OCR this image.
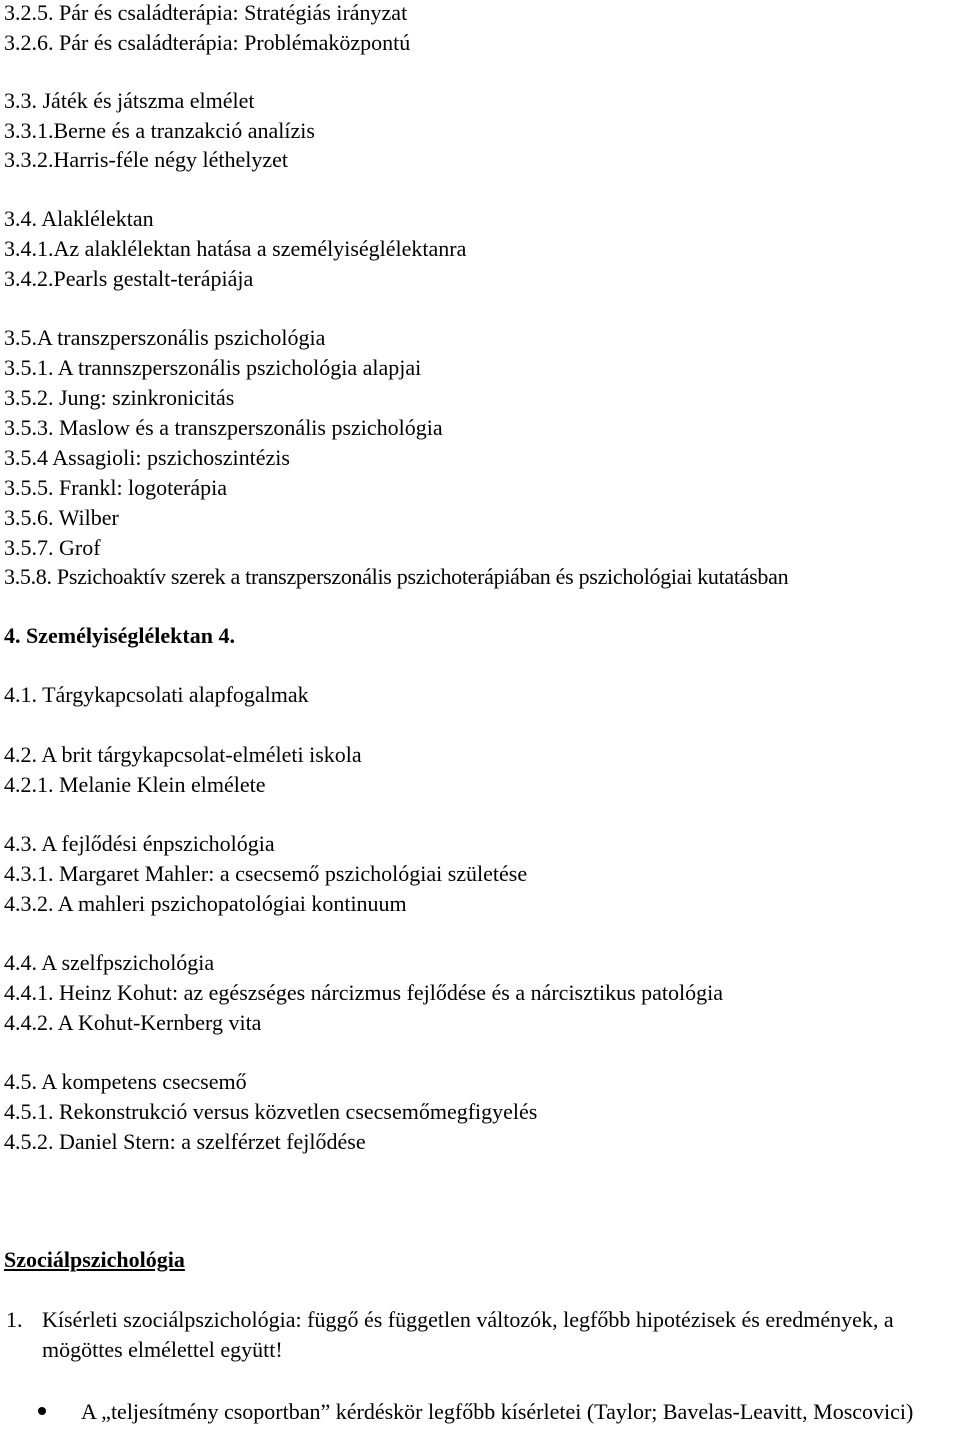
3.2.5. Pár és családterápia: Stratégiás irányzat
3.2.6. Pár és családterápia: Problémaközpontú
3.3. Játék és játszma elmélet
3.3.1.Berne és a tranzakció analízis
3.3.2.Harris-féle négy léthelyzet
3.4. Alaklélektan
3.4.1.Az alaklélektan hatása a személyiséglélektanra
3.4.2.Pearls gestalt-terápiája
3.5.A transzperszonális pszichológia
3.5.1. A trannszperszonális pszichológia alapjai
3.5.2. Jung: szinkronicitás
3.5.3. Maslow és a transzperszonális pszichológia
3.5.4 Assagioli: pszichoszintézis
3.5.5. Frankl: logoterápia
3.5.6. Wilber
3.5.7. Grof
3.5.8. Pszichoaktív szerek a transzperszonális pszichoterápiában és pszichológiai kutatásban
4. Személyiséglélektan 4.
4.1. Tárgykapcsolati alapfogalmak
4.2. A brit tárgykapcsolat-elméleti iskola
4.2.1. Melanie Klein elmélete
4.3. A fejlődési énpszichológia
4.3.1. Margaret Mahler: a csecsemő pszichológiai születése
4.3.2. A mahleri pszichopatológiai kontinuum
4.4. A szelfpszichológia
4.4.1. Heinz Kohut: az egészséges nárcizmus fejlődése és a nárcisztikus patológia
4.4.2. A Kohut-Kernberg vita
4.5. A kompetens csecsemő
4.5.1. Rekonstrukció versus közvetlen csecsemőmegfigyelés
4.5.2. Daniel Stern: a szelférzet fejlődése
Szociálpszichológia
1. Kísérleti szociálpszichológia: függő és független változók, legfőbb hipotézisek és eredmények, a mögöttes elmélettel együtt!
A „teljesítmény csoportban” kérdéskör legfőbb kísérletei (Taylor; Bavelas-Leavitt, Moscovici)
